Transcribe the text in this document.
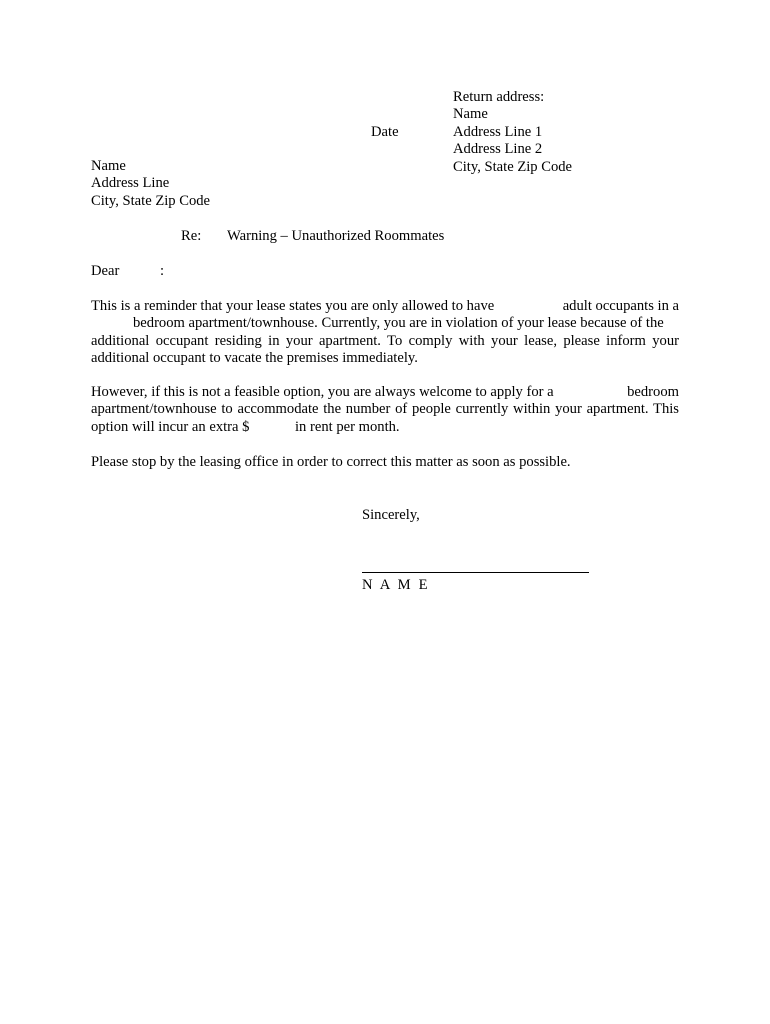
Return address:
Name
Address Line 1
Address Line 2
City, State Zip Code
Date
Name
Address Line
City, State Zip Code
Re: Warning – Unauthorized Roommates
Dear	:
This is a reminder that your lease states you are only allowed to have	adult occupants in a
bedroom apartment/townhouse. Currently, you are in violation of your lease because of the
additional occupant residing in your apartment. To comply with your lease, please inform your
additional occupant to vacate the premises immediately.
However, if this is not a feasible option, you are always welcome to apply for a	bedroom
apartment/townhouse to accommodate the number of people currently within your apartment. This
option will incur an extra $	in rent per month.
Please stop by the leasing office in order to correct this matter as soon as possible.
Sincerely,
N A M E
